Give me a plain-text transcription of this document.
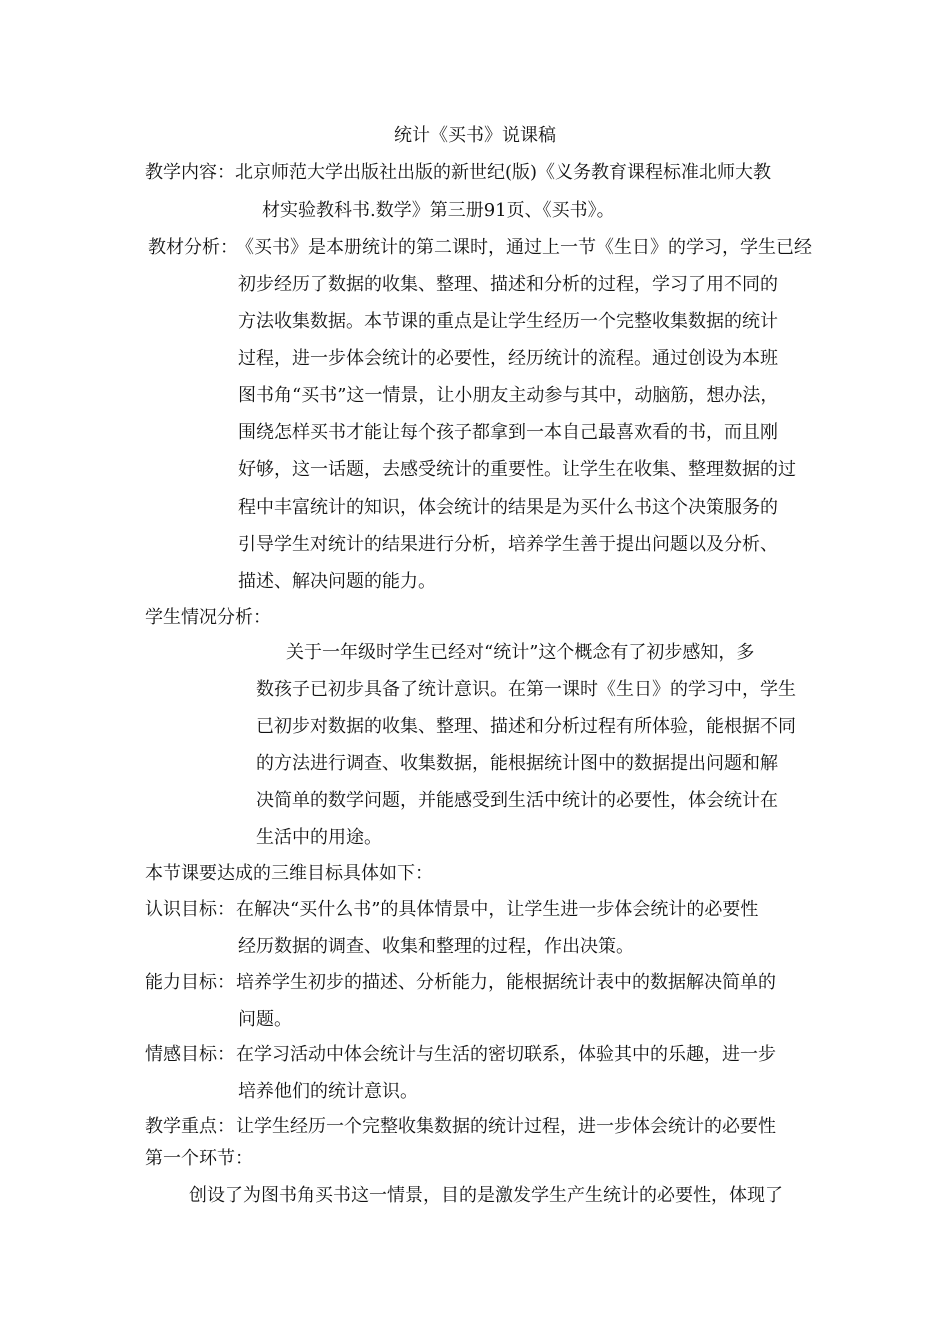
统计《买书》说课稿

教学内容： 北京师范大学出版社出版的新世纪(版)《义务教育课程标准北师大教

材实验教科书.数学》第三册91页、《买书》。

教材分析：

《买书》是本册统计的第二课时，通过上一节《生日》的学习，学生已经

初步经历了数据的收集、整理、描述和分析的过程，学习了用不同的

方法收集数据。本节课的重点是让学生经历一个完整收集数据的统计

过程，进一步体会统计的必要性，经历统计的流程。通过创设为本班

图书角“买书”这一情景，让小朋友主动参与其中，动脑筋，想办法，

围绕怎样买书才能让每个孩子都拿到一本自己最喜欢看的书，而且刚

好够，这一话题，去感受统计的重要性。让学生在收集、整理数据的过

程中丰富统计的知识，体会统计的结果是为买什么书这个决策服务的

引导学生对统计的结果进行分析，培养学生善于提出问题以及分析、

描述、解决问题的能力。

学生情况分析：

关于一年级时学生已经对“统计”这个概念有了初步感知，多

数孩子已初步具备了统计意识。在第一课时《生日》的学习中，学生

已初步对数据的收集、整理、描述和分析过程有所体验，能根据不同

的方法进行调查、收集数据，能根据统计图中的数据提出问题和解

决简单的数学问题，并能感受到生活中统计的必要性，体会统计在

生活中的用途。

本节课要达成的三维目标具体如下：

认识目标： 在解决“买什么书”的具体情景中，让学生进一步体会统计的必要性

经历数据的调查、收集和整理的过程，作出决策。

能力目标： 培养学生初步的描述、分析能力，能根据统计表中的数据解决简单的

问题。

情感目标： 在学习活动中体会统计与生活的密切联系，体验其中的乐趣，进一步

培养他们的统计意识。

教学重点： 让学生经历一个完整收集数据的统计过程，进一步体会统计的必要性

第一个环节：

创设了为图书角买书这一情景，目的是激发学生产生统计的必要性，体现了
